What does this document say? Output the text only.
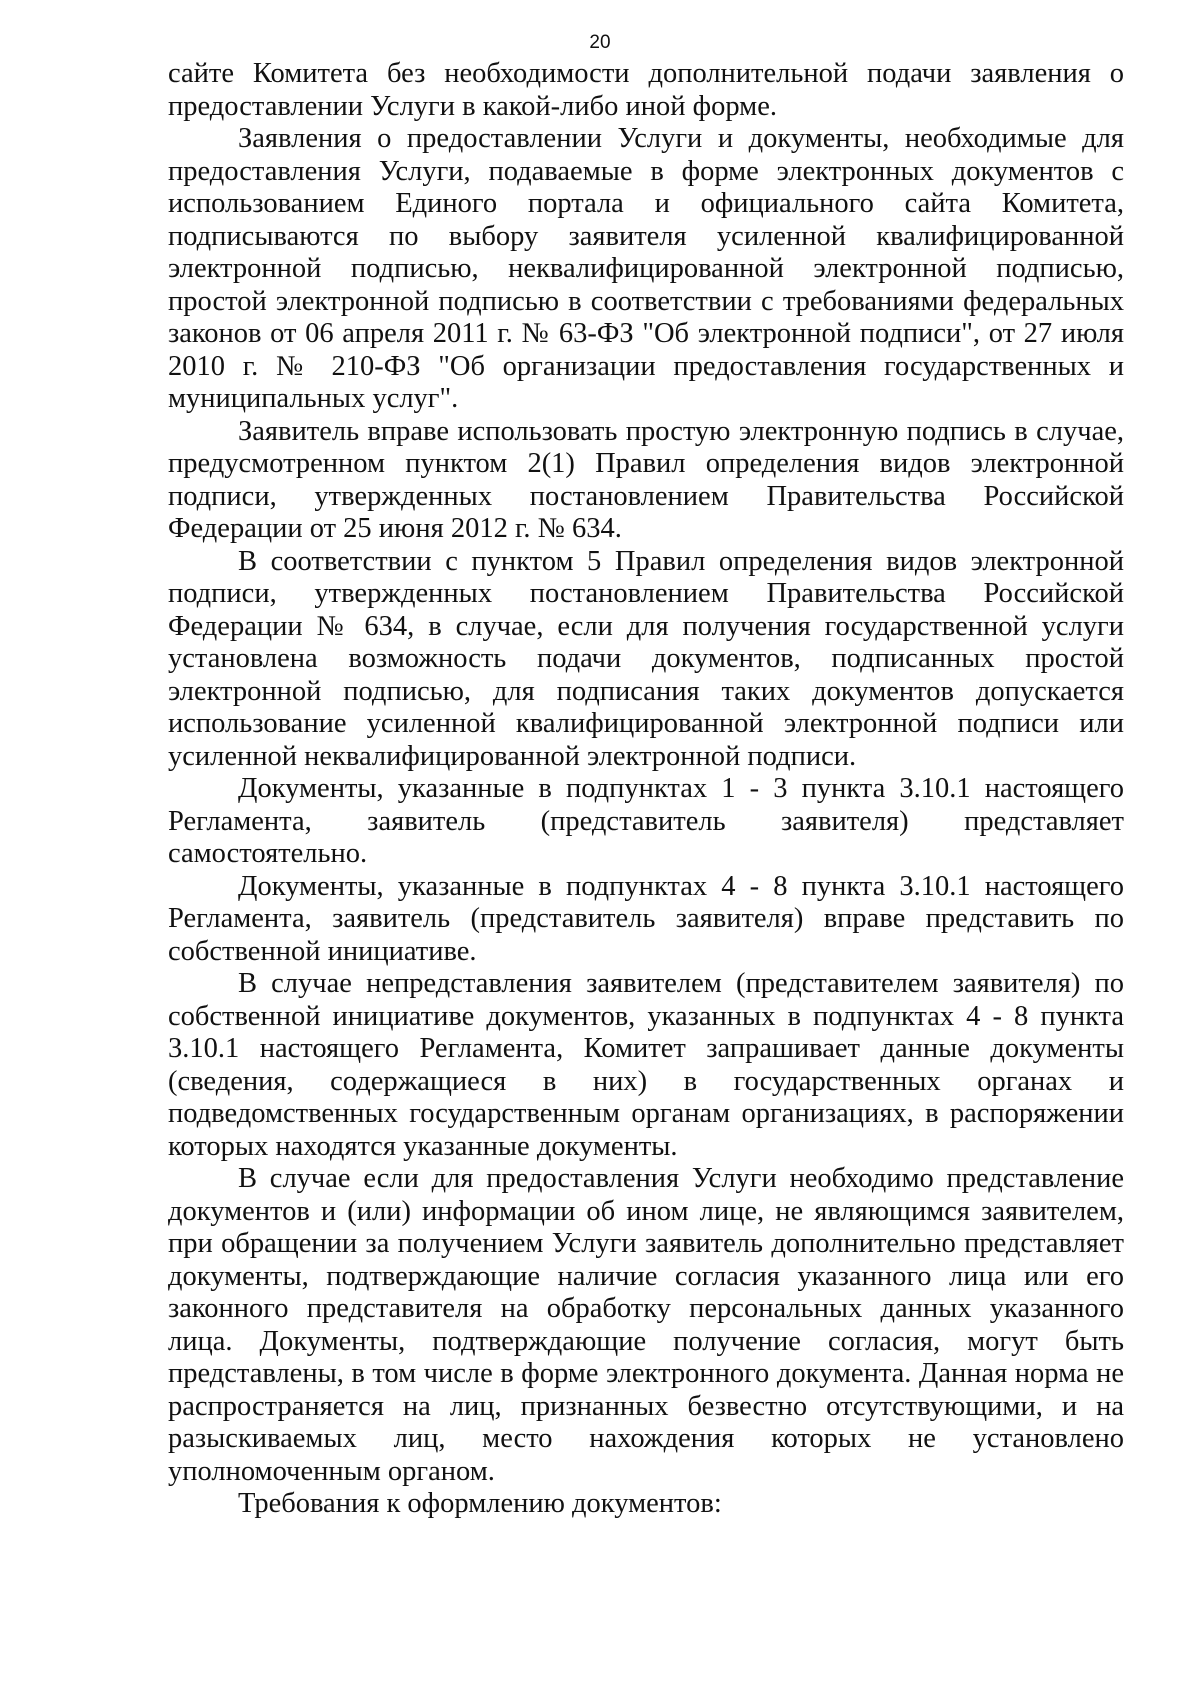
20

сайте Комитета без необходимости дополнительной подачи заявления о предоставлении Услуги в какой-либо иной форме.

Заявления о предоставлении Услуги и документы, необходимые для предоставления Услуги, подаваемые в форме электронных документов с использованием Единого портала и официального сайта Комитета, подписываются по выбору заявителя усиленной квалифицированной электронной подписью, неквалифицированной электронной подписью, простой электронной подписью в соответствии с требованиями федеральных законов от 06 апреля 2011 г. № 63-ФЗ "Об электронной подписи", от 27 июля 2010 г. № 210-ФЗ "Об организации предоставления государственных и муниципальных услуг".

Заявитель вправе использовать простую электронную подпись в случае, предусмотренном пунктом 2(1) Правил определения видов электронной подписи, утвержденных постановлением Правительства Российской Федерации от 25 июня 2012 г. № 634.

В соответствии с пунктом 5 Правил определения видов электронной подписи, утвержденных постановлением Правительства Российской Федерации № 634, в случае, если для получения государственной услуги установлена возможность подачи документов, подписанных простой электронной подписью, для подписания таких документов допускается использование усиленной квалифицированной электронной подписи или усиленной неквалифицированной электронной подписи.

Документы, указанные в подпунктах 1 - 3 пункта 3.10.1 настоящего Регламента, заявитель (представитель заявителя) представляет самостоятельно.

Документы, указанные в подпунктах 4 - 8 пункта 3.10.1 настоящего Регламента, заявитель (представитель заявителя) вправе представить по собственной инициативе.

В случае непредставления заявителем (представителем заявителя) по собственной инициативе документов, указанных в подпунктах 4 - 8 пункта 3.10.1 настоящего Регламента, Комитет запрашивает данные документы (сведения, содержащиеся в них) в государственных органах и подведомственных государственным органам организациях, в распоряжении которых находятся указанные документы.

В случае если для предоставления Услуги необходимо представление документов и (или) информации об ином лице, не являющимся заявителем, при обращении за получением Услуги заявитель дополнительно представляет документы, подтверждающие наличие согласия указанного лица или его законного представителя на обработку персональных данных указанного лица. Документы, подтверждающие получение согласия, могут быть представлены, в том числе в форме электронного документа. Данная норма не распространяется на лиц, признанных безвестно отсутствующими, и на разыскиваемых лиц, место нахождения которых не установлено уполномоченным органом.

Требования к оформлению документов:
